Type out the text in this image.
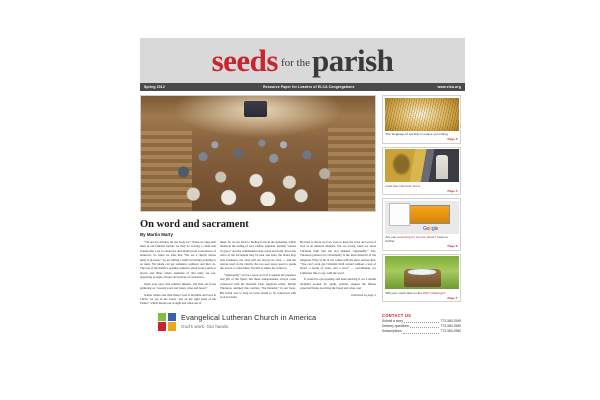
seeds for the parish
Spring 2012	Resource Paper for Leaders of ELCA Congregations	www.elca.org
On word and sacrament
By Martin Marty

“We are not divided, all one body we.” When we sing such lines in old familiar hymns we may be voicing a claim that sounds like a lie to observers and should prod consciences of believers. So when we state that “We are a church whose unity is in Jesus,” we are telling a truth but mainly pointing to an ideal. Yet ideals can get somehow realized, and they do. The rest of the theme’s opening sentence about Jesus points to places and times where elements of that unity are not, appearing as signs of hope and probes of conscience.

Open your eyes, this seminar implies, and find our focus gathering on “around word and water, wine and bread.”

Gather where else than there? God is invisible and God in Christ, we say in the creed, “sits on the right hand of the Father,” which means out of sight and often out of

mind. So we are back to finding focus in the gathering, which means in the setting of very visible, palpable, testable “means of grace” and the communities they reach and form. Since the relics of the sacrament may be near and stale, the bread may lack freshness, the wine will not always be clear — and the station used in the church, the two-seat space used to speak the words, is often mute. Yet this is where the action is.

“Spirituality” can be a good word if it signals the presence and gift of the Spirit, but these endorsements always come connected with the material. Dear Anglican writer, Martin Thornton, outlined this contrast, “the material,” in our faces. His intent was to help us learn afresh to be connected with God in Christ.

He tried to shock us if we were to keep the ways and word of God at an ethereal distance. We are wrong when we stock Christian faith into the slot marked “spirituality.” Yes, Thornton pressed on: Christianity is the most material of the religions. Why? A bit of wit comes with his short sermon line: “You can’t even get Christian birth started without a loaf of bread, a bottle of wine, and a river” — sacramental, we Lutherans like to say, with the word.

It would be eye-opening and heart-moving if we a month included around for again. Advent, August the billion expected blame receiving the bread and wine, and

continued on page 2
The language of worship is unique yet uniting.
Page 3
meet the millennial Jesus
Page 5
Google
Are you searching for sermon ideas? Look no further.
Page 6
Will your youth take on the Well Challenge?
Page 7
Evangelical Lutheran Church in America
God’s work. Our hands.
CONTACT US
Submit a story	773-380-2949
Delivery questions	773-380-2950
Subscriptions	773-380-2950
